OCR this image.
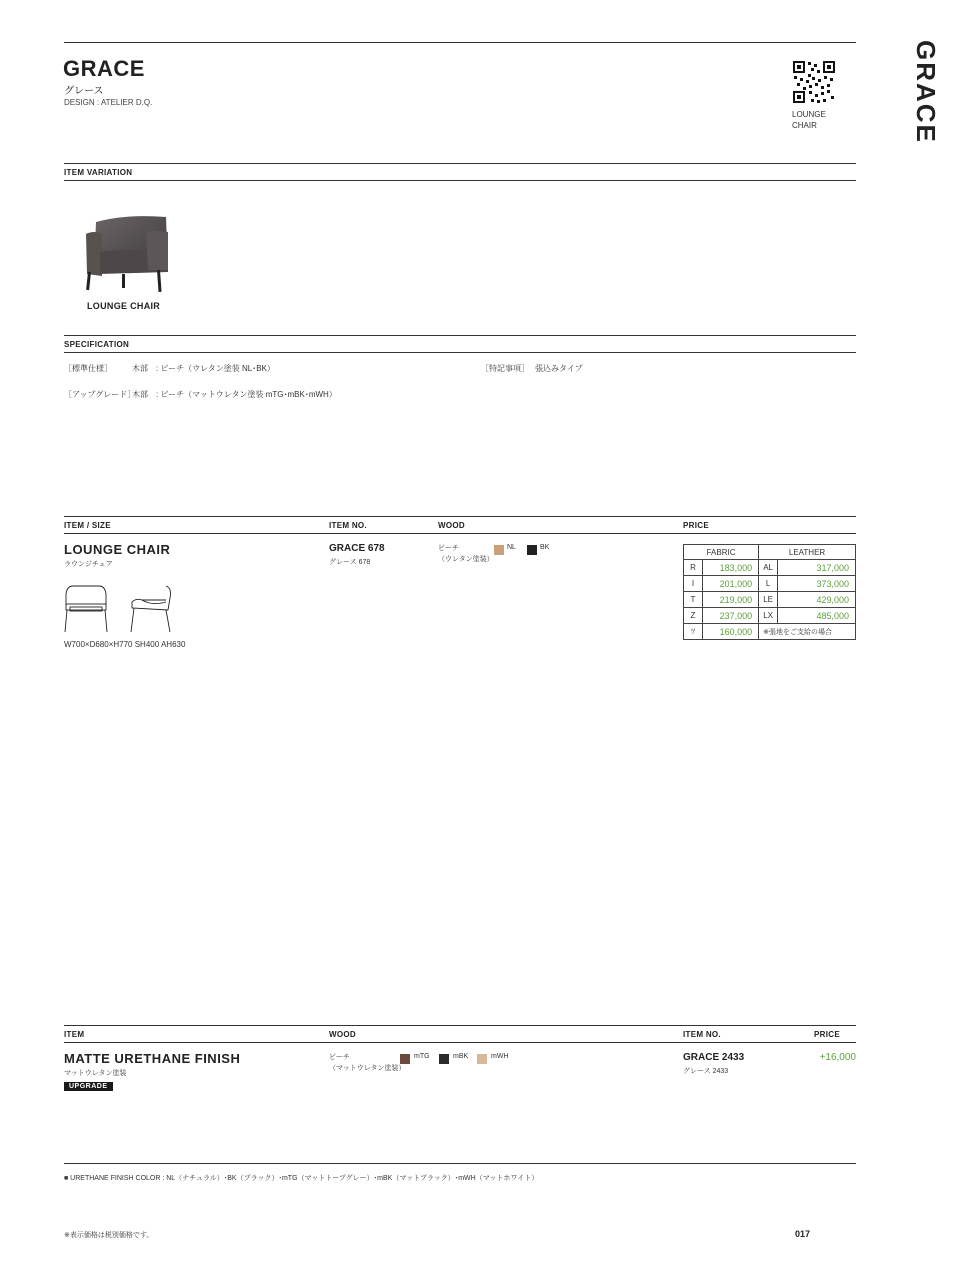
GRACE
グレース
DESIGN : ATELIER D.Q.
LOUNGE
CHAIR	GRACE
ITEM VARIATION
LOUNGE CHAIR
SPECIFICATION
［標準仕様］	木部　: ビーチ（ウレタン塗装 NL･BK）	［特記事項］ 張込みタイプ
［アップグレード］
木部　: ビーチ（マットウレタン塗装 mTG･mBK･mWH）
ITEM / SIZE	ITEM NO.	WOOD	PRICE
LOUNGE CHAIR
ラウンジチェア
GRACE 678
グレース 678
ビーチ
（ウレタン塗装）
NL	BK
W700×D680×H770 SH400 AH630
FABRIC		LEATHER	
R	183,000	AL	317,000
I	201,000	L	373,000
T	219,000	LE	429,000
Z	237,000	LX	485,000
ﾂ	160,000	※張地をご支給の場合	
ITEM	WOOD	ITEM NO.	PRICE
MATTE URETHANE FINISH
マットウレタン塗装
UPGRADE
ビーチ
（マットウレタン塗装）
mTG	mBK	mWH	GRACE 2433
グレース 2433
+16,000
■ URETHANE FINISH COLOR : NL（ナチュラル）･BK（ブラック）･mTG（マットトープグレー）･mBK（マットブラック）･mWH（マットホワイト）
※表示価格は税別価格です。	017
